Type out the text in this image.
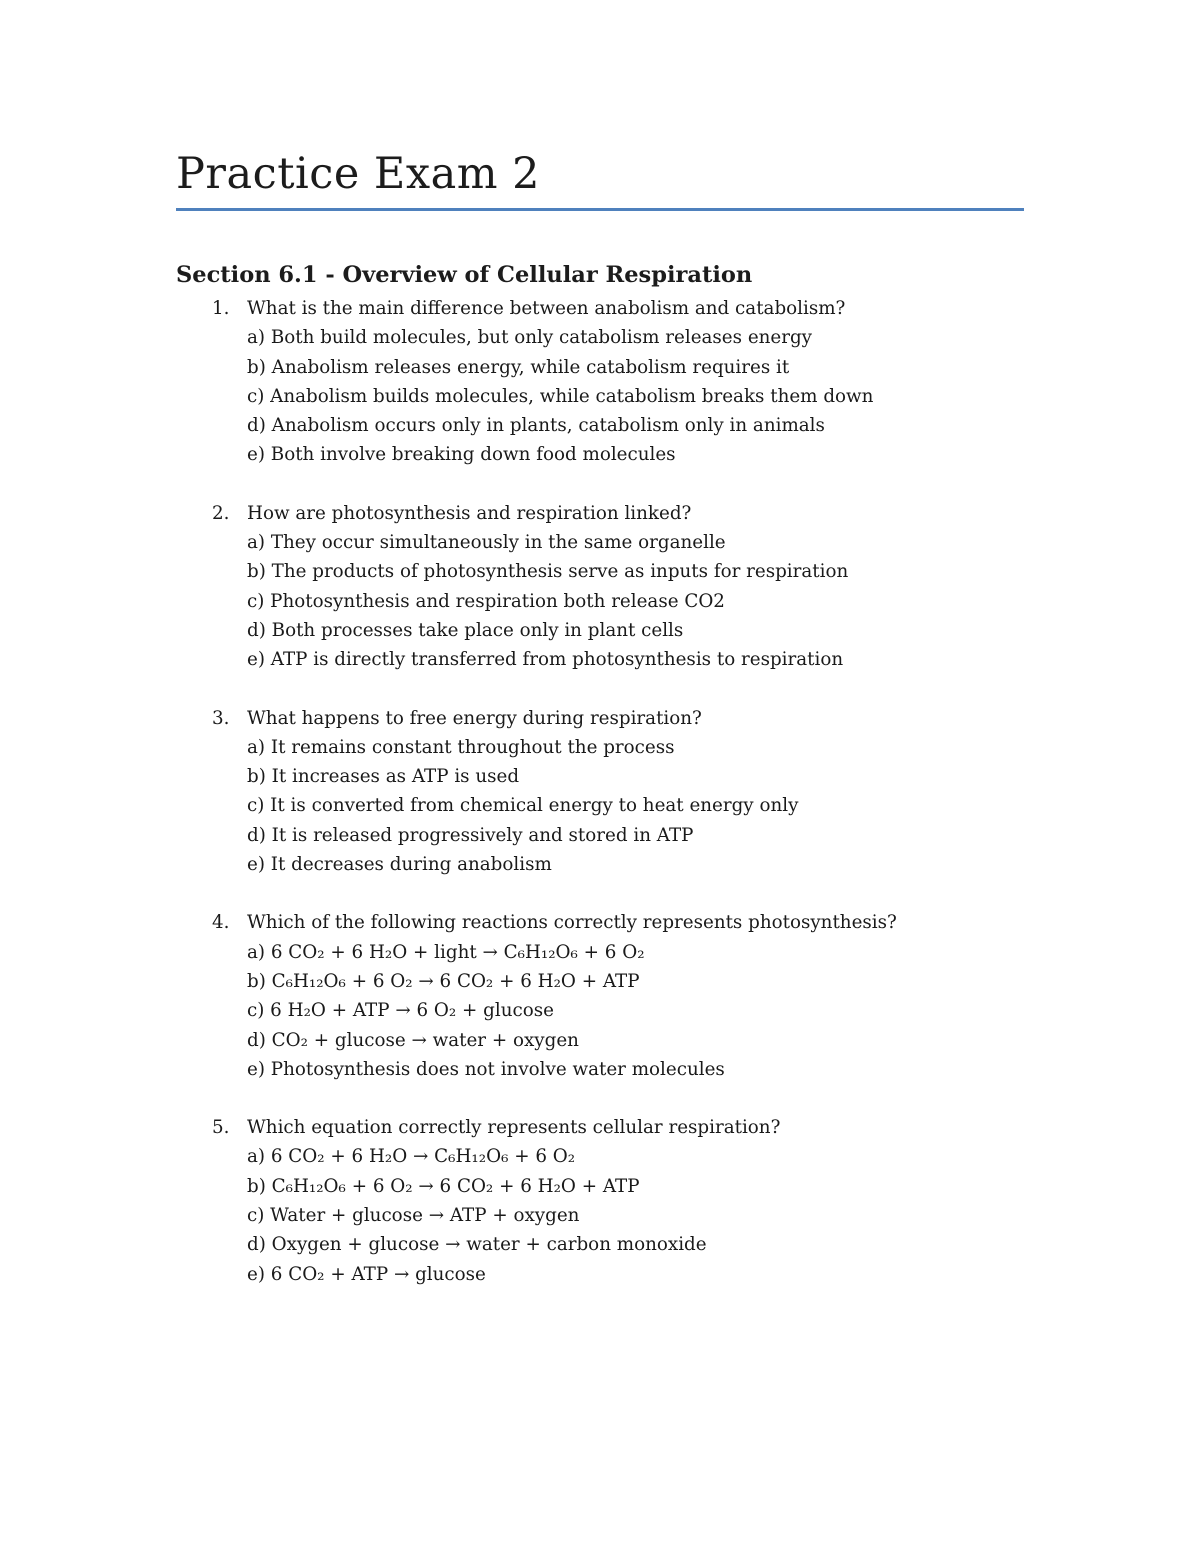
Practice Exam 2
Section 6.1 - Overview of Cellular Respiration
1. What is the main difference between anabolism and catabolism?
a) Both build molecules, but only catabolism releases energy
b) Anabolism releases energy, while catabolism requires it
c) Anabolism builds molecules, while catabolism breaks them down
d) Anabolism occurs only in plants, catabolism only in animals
e) Both involve breaking down food molecules
2. How are photosynthesis and respiration linked?
a) They occur simultaneously in the same organelle
b) The products of photosynthesis serve as inputs for respiration
c) Photosynthesis and respiration both release CO2
d) Both processes take place only in plant cells
e) ATP is directly transferred from photosynthesis to respiration
3. What happens to free energy during respiration?
a) It remains constant throughout the process
b) It increases as ATP is used
c) It is converted from chemical energy to heat energy only
d) It is released progressively and stored in ATP
e) It decreases during anabolism
4. Which of the following reactions correctly represents photosynthesis?
a) 6 CO₂ + 6 H₂O + light → C₆H₁₂O₆ + 6 O₂
b) C₆H₁₂O₆ + 6 O₂ → 6 CO₂ + 6 H₂O + ATP
c) 6 H₂O + ATP → 6 O₂ + glucose
d) CO₂ + glucose → water + oxygen
e) Photosynthesis does not involve water molecules
5. Which equation correctly represents cellular respiration?
a) 6 CO₂ + 6 H₂O → C₆H₁₂O₆ + 6 O₂
b) C₆H₁₂O₆ + 6 O₂ → 6 CO₂ + 6 H₂O + ATP
c) Water + glucose → ATP + oxygen
d) Oxygen + glucose → water + carbon monoxide
e) 6 CO₂ + ATP → glucose
